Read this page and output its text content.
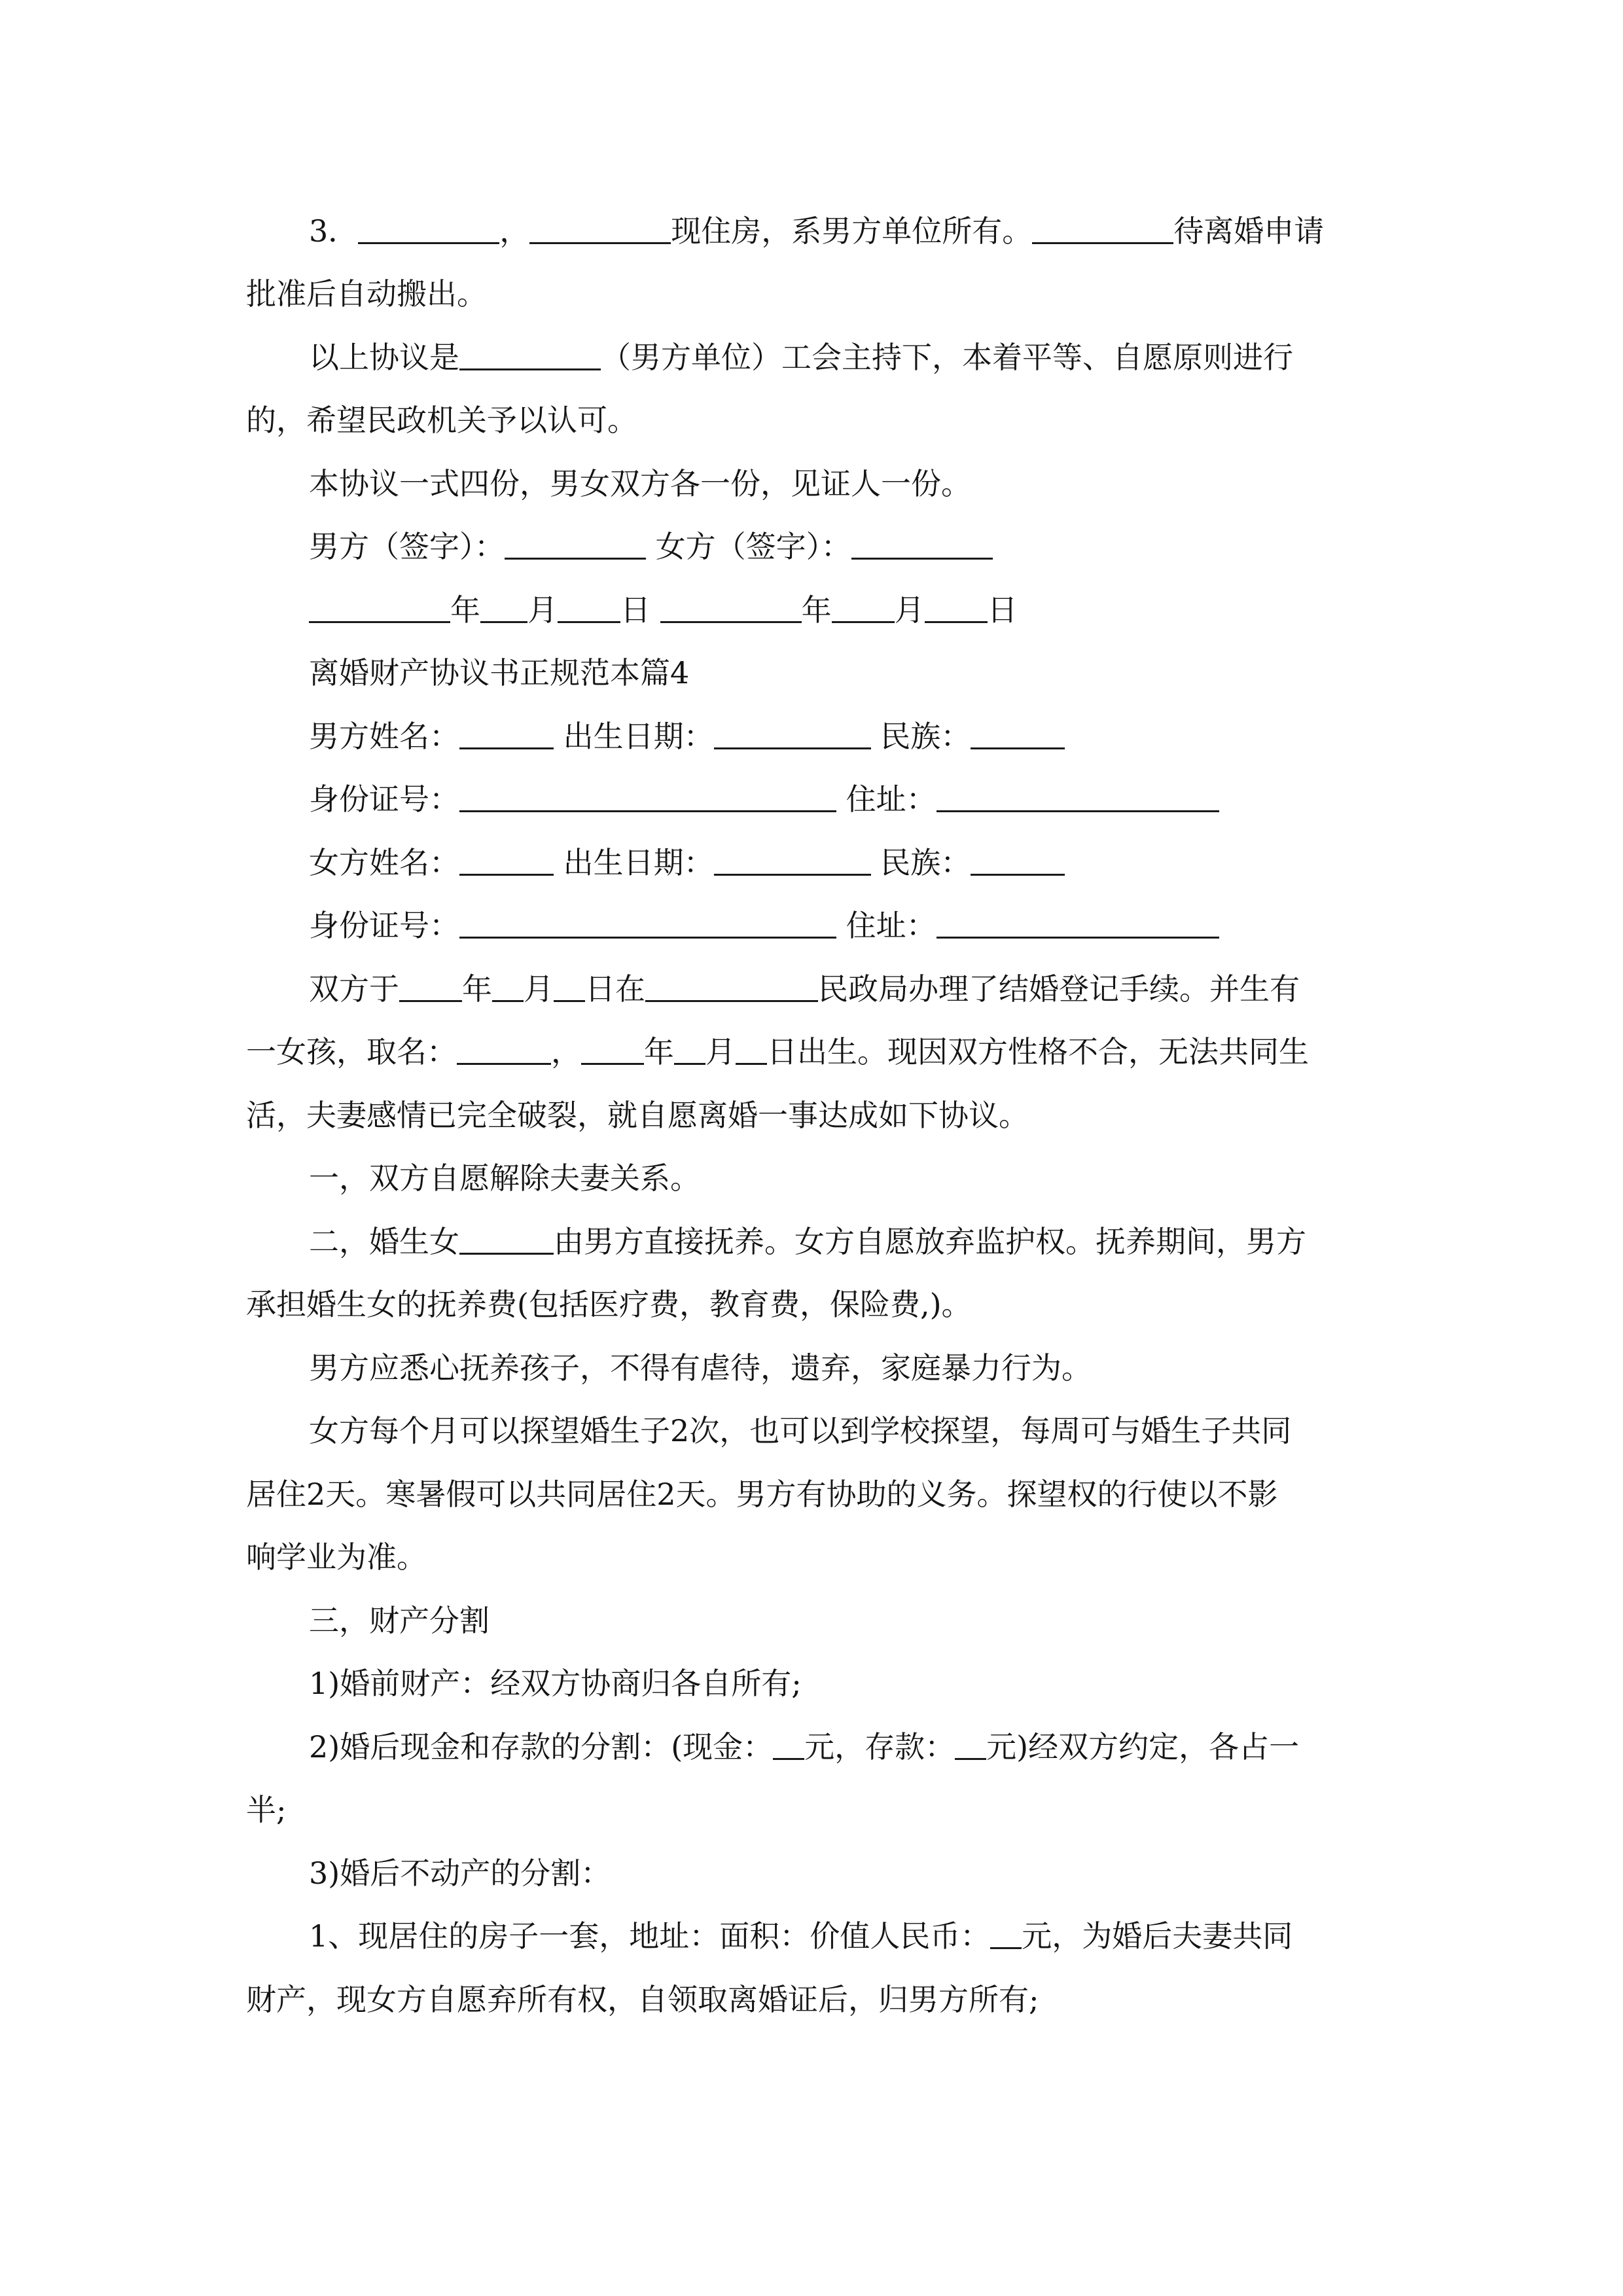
3．	，	现住房，系男方单位所有。	待离婚申请
批准后自动搬出。
以上协议是	（男方单位）工会主持下，本着平等、自愿原则进行
的，希望民政机关予以认可。
本协议一式四份，男女双方各一份，见证人一份。
男方（签字）：	女方（签字）：
年 月 日	年 月 日
离婚财产协议书正规范本篇4
男方姓名：	出生日期：	民族：
身份证号：	住址：
女方姓名：	出生日期：	民族：
身份证号：	住址：
双方于 年 月 日在	民政局办理了结婚登记手续。并生有
一女孩，取名：	， 年 月 日出生。现因双方性格不合，无法共同生
活，夫妻感情已完全破裂，就自愿离婚一事达成如下协议。
一，双方自愿解除夫妻关系。
二，婚生女	由男方直接抚养。女方自愿放弃监护权。抚养期间，男方
承担婚生女的抚养费(包括医疗费，教育费，保险费,)。
男方应悉心抚养孩子，不得有虐待，遗弃，家庭暴力行为。
女方每个月可以探望婚生子2次，也可以到学校探望，每周可与婚生子共同
居住2天。寒暑假可以共同居住2天。男方有协助的义务。探望权的行使以不影
响学业为准。
三，财产分割
1)婚前财产：经双方协商归各自所有;
2)婚后现金和存款的分割：(现金： 元，存款： 元)经双方约定，各占一
半;
3)婚后不动产的分割：
1、现居住的房子一套，地址：面积：价值人民币： 元，为婚后夫妻共同
财产，现女方自愿弃所有权，自领取离婚证后，归男方所有;
